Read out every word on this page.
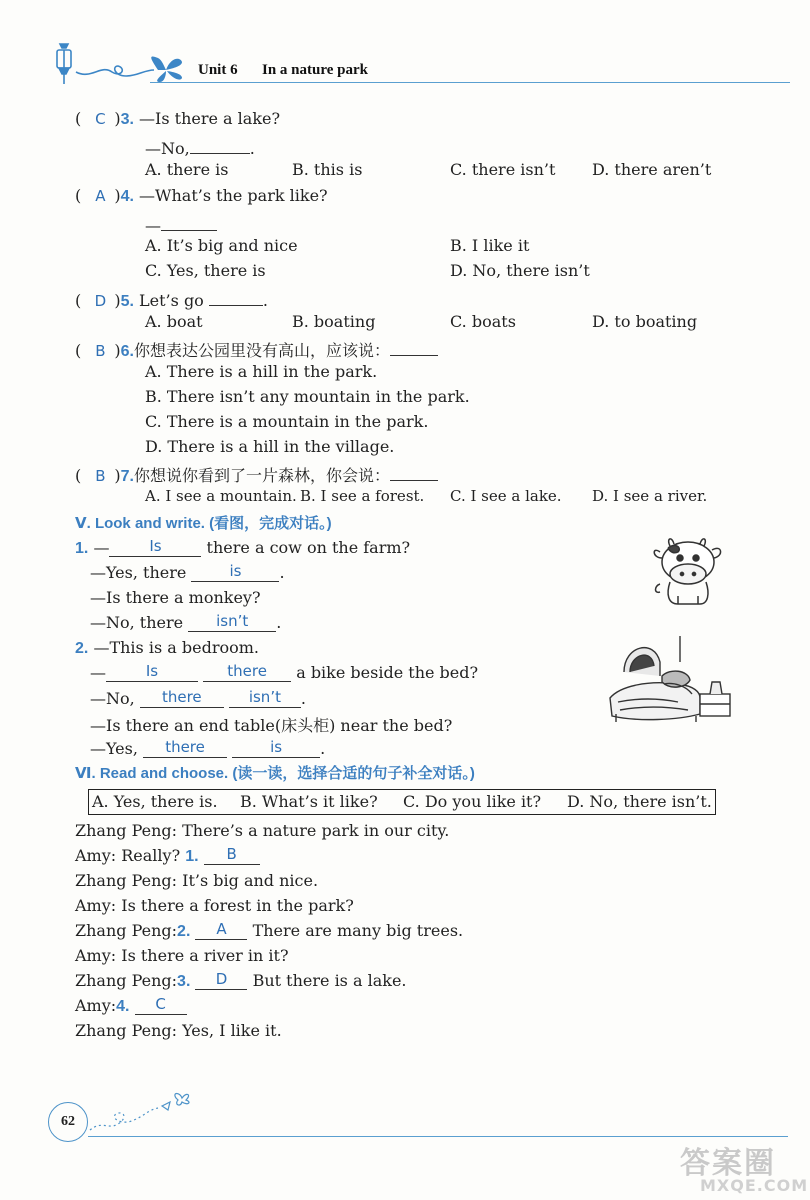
Unit 6 In a nature park
( C )3. —Is there a lake?
—No,	.
A. there is	B. this is	C. there isn’t D. there aren’t
( A )4. —What’s the park like?
—
A. It’s big and nice	B. I like it
C. Yes, there is	D. No, there isn’t
( D )5. Let’s go	.
A. boat	B. boating	C. boats	D. to boating
( B )6.你想表达公园里没有高山，应该说：
A. There is a hill in the park.
B. There isn’t any mountain in the park.
C. There is a mountain in the park.
D. There is a hill in the village.
( B )7.你想说你看到了一片森林，你会说：
A. I see a mountain. B. I see a forest. C. I see a lake. D. I see a river.
Ⅴ. Look and write. (看图，完成对话。)
1. —	Is	there a cow on the farm?
—Yes, there	is .
—Is there a monkey?
—No, there isn’t .
2. —This is a bedroom.
—	Is	there a bike beside the bed?
—No, there	isn’t .
—Is there an end table(床头柜) near the bed?
—Yes, there	is .
Ⅵ. Read and choose. (读一读，选择合适的句子补全对话。)
A. Yes, there is. B. What’s it like? C. Do you like it? D. No, there isn’t.
Zhang Peng: There’s a nature park in our city.
Amy: Really? 1. B
Zhang Peng: It’s big and nice.
Amy: Is there a forest in the park?
Zhang Peng:2. A There are many big trees.
Amy: Is there a river in it?
Zhang Peng:3. D But there is a lake.
Amy:4. C
Zhang Peng: Yes, I like it.
62
答案圈
MXQE.COM
